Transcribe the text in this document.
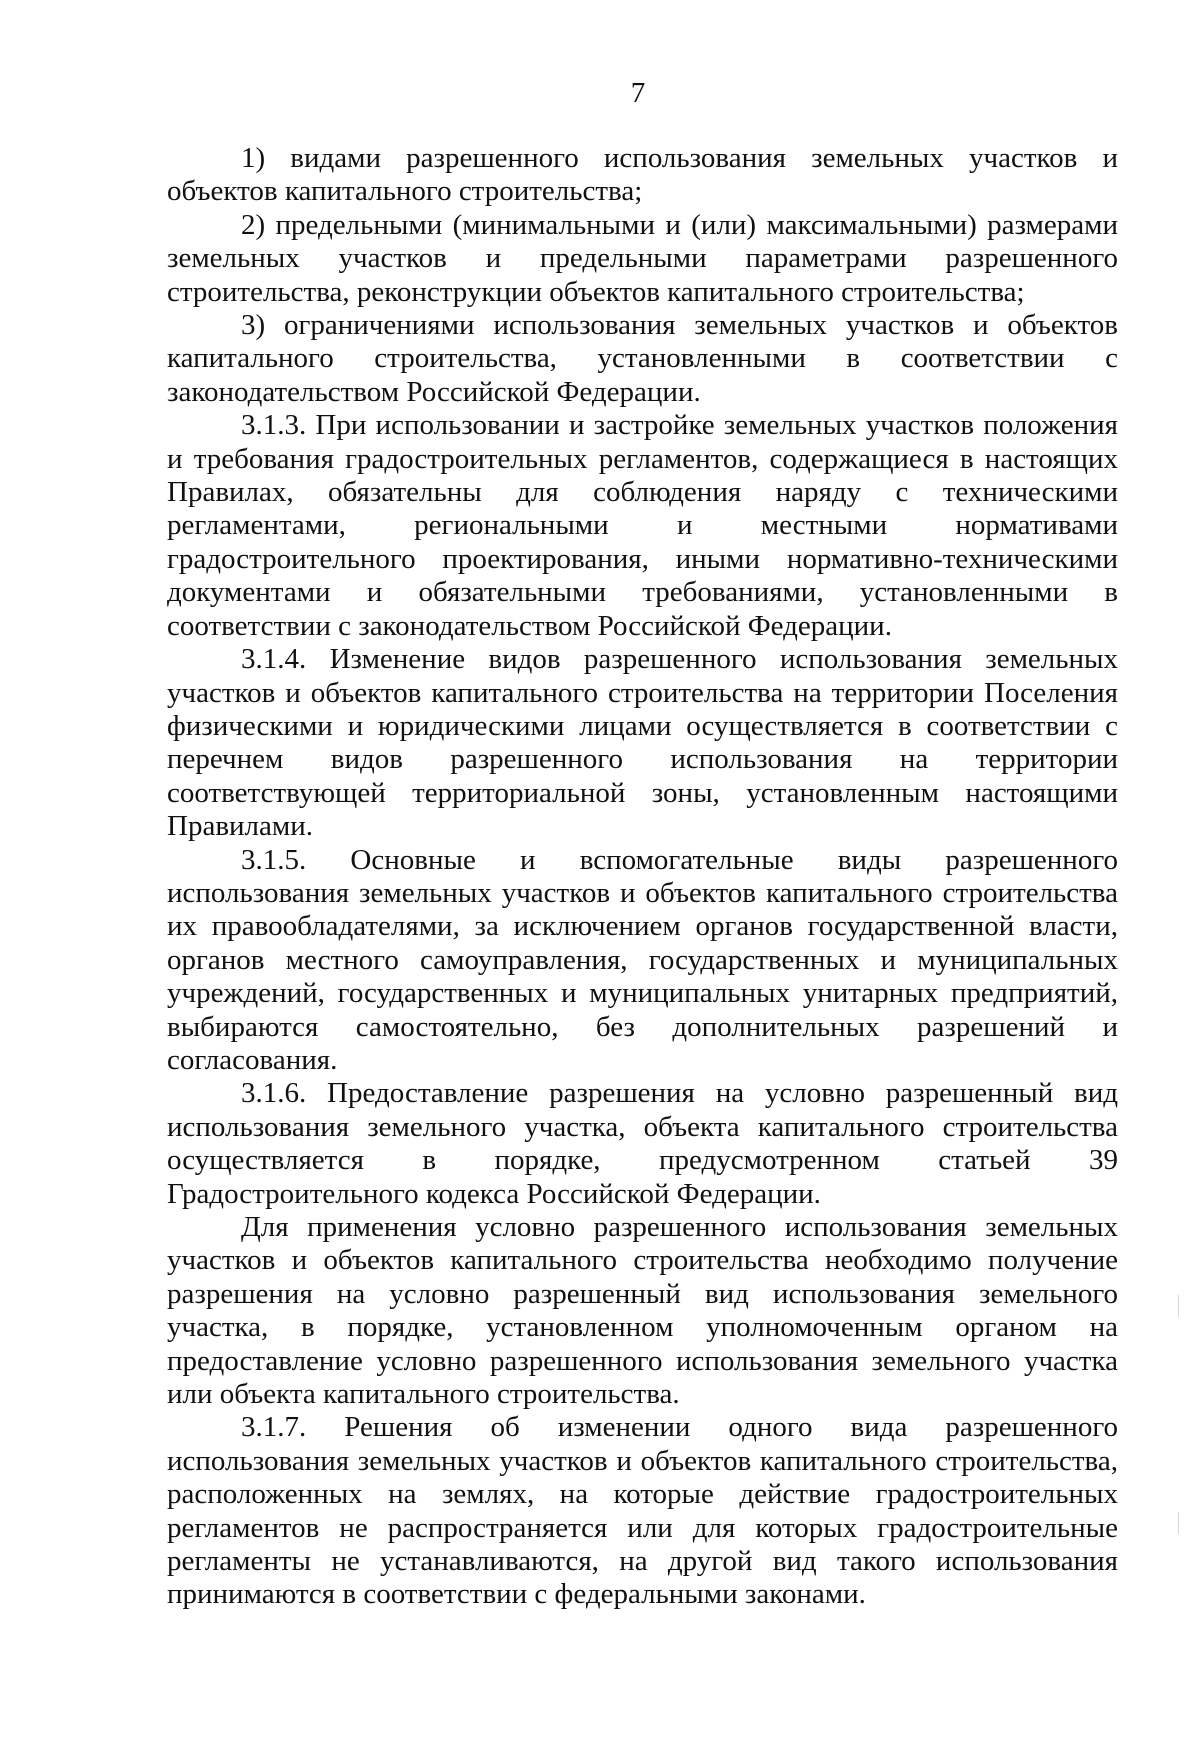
7

1) видами разрешенного использования земельных участков и объектов капитального строительства;

2) предельными (минимальными и (или) максимальными) размерами земельных участков и предельными параметрами разрешенного строительства, реконструкции объектов капитального строительства;

3) ограничениями использования земельных участков и объектов капитального строительства, установленными в соответствии с законодательством Российской Федерации.

3.1.3. При использовании и застройке земельных участков положения и требования градостроительных регламентов, содержащиеся в настоящих Правилах, обязательны для соблюдения наряду с техническими регламентами, региональными и местными нормативами градостроительного проектирования, иными нормативно-техническими документами и обязательными требованиями, установленными в соответствии с законодательством Российской Федерации.

3.1.4. Изменение видов разрешенного использования земельных участков и объектов капитального строительства на территории Поселения физическими и юридическими лицами осуществляется в соответствии с перечнем видов разрешенного использования на территории соответствующей территориальной зоны, установленным настоящими Правилами.

3.1.5. Основные и вспомогательные виды разрешенного использования земельных участков и объектов капитального строительства их правообладателями, за исключением органов государственной власти, органов местного самоуправления, государственных и муниципальных учреждений, государственных и муниципальных унитарных предприятий, выбираются самостоятельно, без дополнительных разрешений и согласования.

3.1.6. Предоставление разрешения на условно разрешенный вид использования земельного участка, объекта капитального строительства осуществляется в порядке, предусмотренном статьей 39 Градостроительного кодекса Российской Федерации.

Для применения условно разрешенного использования земельных участков и объектов капитального строительства необходимо получение разрешения на условно разрешенный вид использования земельного участка, в порядке, установленном уполномоченным органом на предоставление условно разрешенного использования земельного участка или объекта капитального строительства.

3.1.7. Решения об изменении одного вида разрешенного использования земельных участков и объектов капитального строительства, расположенных на землях, на которые действие градостроительных регламентов не распространяется или для которых градостроительные регламенты не устанавливаются, на другой вид такого использования принимаются в соответствии с федеральными законами.
